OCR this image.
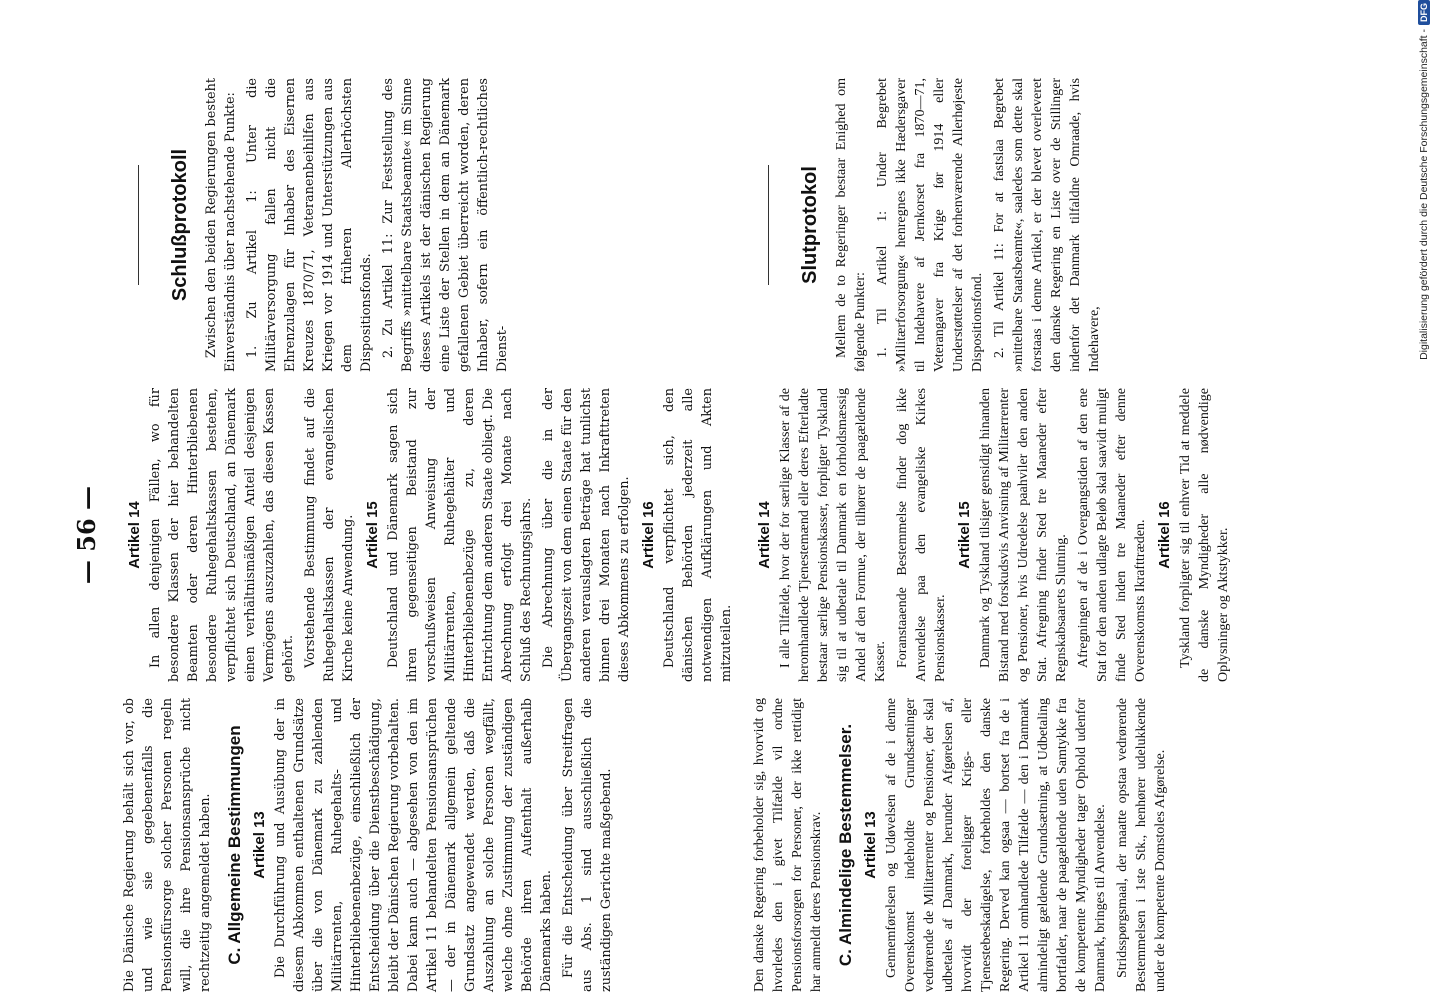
— 56 —

Die Dänische Regierung behält sich vor, ob und wie sie gegebenenfalls die Pensionsfürsorge solcher Personen regeln will, die ihre Pensionsansprüche nicht rechtzeitig angemeldet haben. C. Allgemeine Bestimmungen Artikel 13 Die Durchführung und Ausübung der in diesem Abkommen enthaltenen Grundsätze über die von Dänemark zu zahlenden Militärrenten, Ruhegehalts- und Hinterbliebenenbezüge, einschließlich der Entscheidung über die Dienstbeschädigung, bleibt der Dänischen Regierung vorbehalten. Dabei kann auch — abgesehen von den im Artikel 11 behandelten Pensionsansprüchen — der in Dänemark allgemein geltende Grundsatz angewendet werden, daß die Auszahlung an solche Personen wegfällt, welche ohne Zustimmung der zuständigen Behörde ihren Aufenthalt außerhalb Dänemarks haben. Für die Entscheidung über Streitfragen aus Abs. 1 sind ausschließlich die zuständigen Gerichte maßgebend.

Artikel 14 In allen denjenigen Fällen, wo für besondere Klassen der hier behandelten Beamten oder deren Hinterbliebenen besondere Ruhegehaltskassen bestehen, verpflichtet sich Deutschland, an Dänemark einen verhältnismäßigen Anteil desjenigen Vermögens auszuzahlen, das diesen Kassen gehört. Vorstehende Bestimmung findet auf die Ruhegehaltskassen der evangelischen Kirche keine Anwendung. Artikel 15 Deutschland und Dänemark sagen sich ihren gegenseitigen Beistand zur vorschußweisen Anweisung der Militärrenten, Ruhegehälter und Hinterbliebenenbezüge zu, deren Entrichtung dem anderen Staate obliegt. Die Abrechnung erfolgt drei Monate nach Schluß des Rechnungsjahrs. Die Abrechnung über die in der Übergangszeit von dem einen Staate für den anderen verauslagten Beträge hat tunlichst binnen drei Monaten nach Inkrafttreten dieses Abkommens zu erfolgen. Artikel 16 Deutschland verpflichtet sich, den dänischen Behörden jederzeit alle notwendigen Aufklärungen und Akten mitzuteilen.

Schlußprotokoll Zwischen den beiden Regierungen besteht Einverständnis über nachstehende Punkte: 1. Zu Artikel 1: Unter die Militärversorgung fallen nicht die Ehrenzulagen für Inhaber des Eisernen Kreuzes 1870/71, Veteranenbeihilfen aus Kriegen vor 1914 und Unterstützungen aus dem früheren Allerhöchsten Dispositionsfonds. 2. Zu Artikel 11: Zur Feststellung des Begriffs »mittelbare Staatsbeamte« im Sinne dieses Artikels ist der dänischen Regierung eine Liste der Stellen in dem an Dänemark gefallenen Gebiet überreicht worden, deren Inhaber, sofern ein öffentlich-rechtliches Dienst-

Den danske Regering forbeholder sig, hvorvidt og hvorledes den i givet Tilfælde vil ordne Pensionsforsorgen for Personer, der ikke rettidigt har anmeldt deres Pensionskrav. C. Almindelige Bestemmelser. Artikel 13 Gennemførelsen og Udøvelsen af de i denne Overenskomst indeholdte Grundsætninger vedrørende de Militærrenter og Pensioner, der skal udbetales af Danmark, herunder Afgørelsen af, hvorvidt der foreligger Krigs- eller Tjenestebeskadigelse, forbeholdes den danske Regering. Derved kan ogsaa — bortset fra de i Artikel 11 omhandlede Tilfælde — den i Danmark almindeligt gældende Grundsætning, at Udbetaling bortfalder, naar de paagældende uden Samtykke fra de kompetente Myndigheder tager Ophold udenfor Danmark, bringes til Anvendelse. Stridsspørgsmaal, der maatte opstaa vedrørende Bestemmelsen i 1ste Stk., henhører udelukkende under de kompetente Domstoles Afgørelse.

Artikel 14 I alle Tilfælde, hvor der for særlige Klasser af de heromhandlede Tjenestemænd eller deres Efterladte bestaar særlige Pensionskasser, forpligter Tyskland sig til at udbetale til Danmark en forholdsmæssig Andel af den Formue, der tilhører de paagældende Kasser. Foranstaaende Bestemmelse finder dog ikke Anvendelse paa den evangeliske Kirkes Pensionskasser.

Artikel 15 Danmark og Tyskland tilsiger gensidigt hinanden Bistand med forskudsvis Anvisning af Militærrenter og Pensioner, hvis Udredelse paahviler den anden Stat. Afregning finder Sted tre Maaneder efter Regnskabsaarets Slutning. Afregningen af de i Overgangstiden af den ene Stat for den anden udlagte Beløb skal saavidt muligt finde Sted inden tre Maaneder efter denne Overenskomsts Ikrafttræden. Artikel 16 Tyskland forpligter sig til enhver Tid at meddele de danske Myndigheder alle nødvendige Oplysninger og Aktstykker.

Slutprotokol Mellem de to Regeringer bestaar Enighed om følgende Punkter: 1. Til Artikel 1: Under Begrebet »Militærforsorgung« henregnes ikke Hædersgaver til Indehavere af Jernkorset fra 1870—71, Veterangaver fra Krige før 1914 eller Understøttelser af det forhenværende Allerhøjeste Dispositionsfond. 2. Til Artikel 11: For at fastslaa Begrebet »mittelbare Staatsbeamte«, saaledes som dette skal forstaas i denne Artikel, er der blevet overleveret den danske Regering en Liste over de Stillinger indenfor det Danmark tilfaldne Omraade, hvis Indehavere,	Digitalisierung gefördert durch die Deutsche Forschungsgemeinschaft -
DFG
